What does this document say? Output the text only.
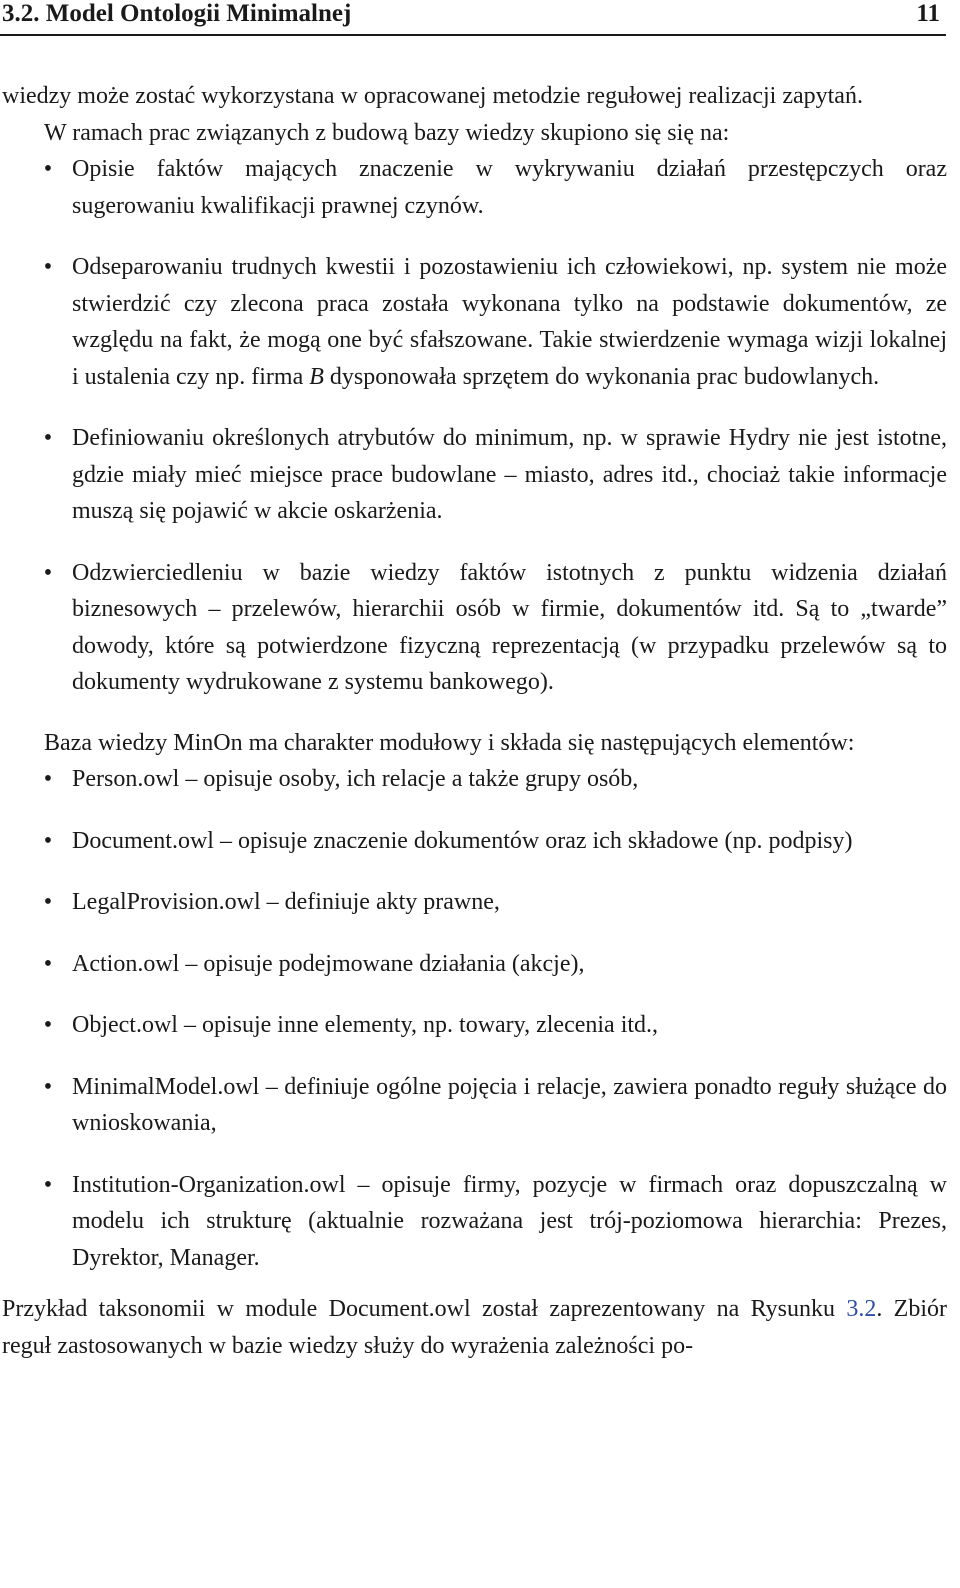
3.2. Model Ontologii Minimalnej	11

wiedzy może zostać wykorzystana w opracowanej metodzie regułowej realizacji zapytań.

W ramach prac związanych z budową bazy wiedzy skupiono się się na:

• Opisie faktów mających znaczenie w wykrywaniu działań przestępczych oraz sugerowaniu kwalifikacji prawnej czynów.
• Odseparowaniu trudnych kwestii i pozostawieniu ich człowiekowi, np. system nie może stwierdzić czy zlecona praca została wykonana tylko na podstawie dokumentów, ze względu na fakt, że mogą one być sfałszowane. Takie stwierdzenie wymaga wizji lokalnej i ustalenia czy np. firma B dysponowała sprzętem do wykonania prac budowlanych.
• Definiowaniu określonych atrybutów do minimum, np. w sprawie Hydry nie jest istotne, gdzie miały mieć miejsce prace budowlane – miasto, adres itd., chociaż takie informacje muszą się pojawić w akcie oskarżenia.
• Odzwierciedleniu w bazie wiedzy faktów istotnych z punktu widzenia działań biznesowych – przelewów, hierarchii osób w firmie, dokumentów itd. Są to „twarde” dowody, które są potwierdzone fizyczną reprezentacją (w przypadku przelewów są to dokumenty wydrukowane z systemu bankowego).

Baza wiedzy MinOn ma charakter modułowy i składa się następujących elementów:

• Person.owl – opisuje osoby, ich relacje a także grupy osób,
• Document.owl – opisuje znaczenie dokumentów oraz ich składowe (np. podpisy)
• LegalProvision.owl – definiuje akty prawne,
• Action.owl – opisuje podejmowane działania (akcje),
• Object.owl – opisuje inne elementy, np. towary, zlecenia itd.,
• MinimalModel.owl – definiuje ogólne pojęcia i relacje, zawiera ponadto reguły służące do wnioskowania,
• Institution-Organization.owl – opisuje firmy, pozycje w firmach oraz dopuszczalną w modelu ich strukturę (aktualnie rozważana jest trój-poziomowa hierarchia: Prezes, Dyrektor, Manager.

Przykład taksonomii w module Document.owl został zaprezentowany na Rysunku 3.2. Zbiór reguł zastosowanych w bazie wiedzy służy do wyrażenia zależności po-
